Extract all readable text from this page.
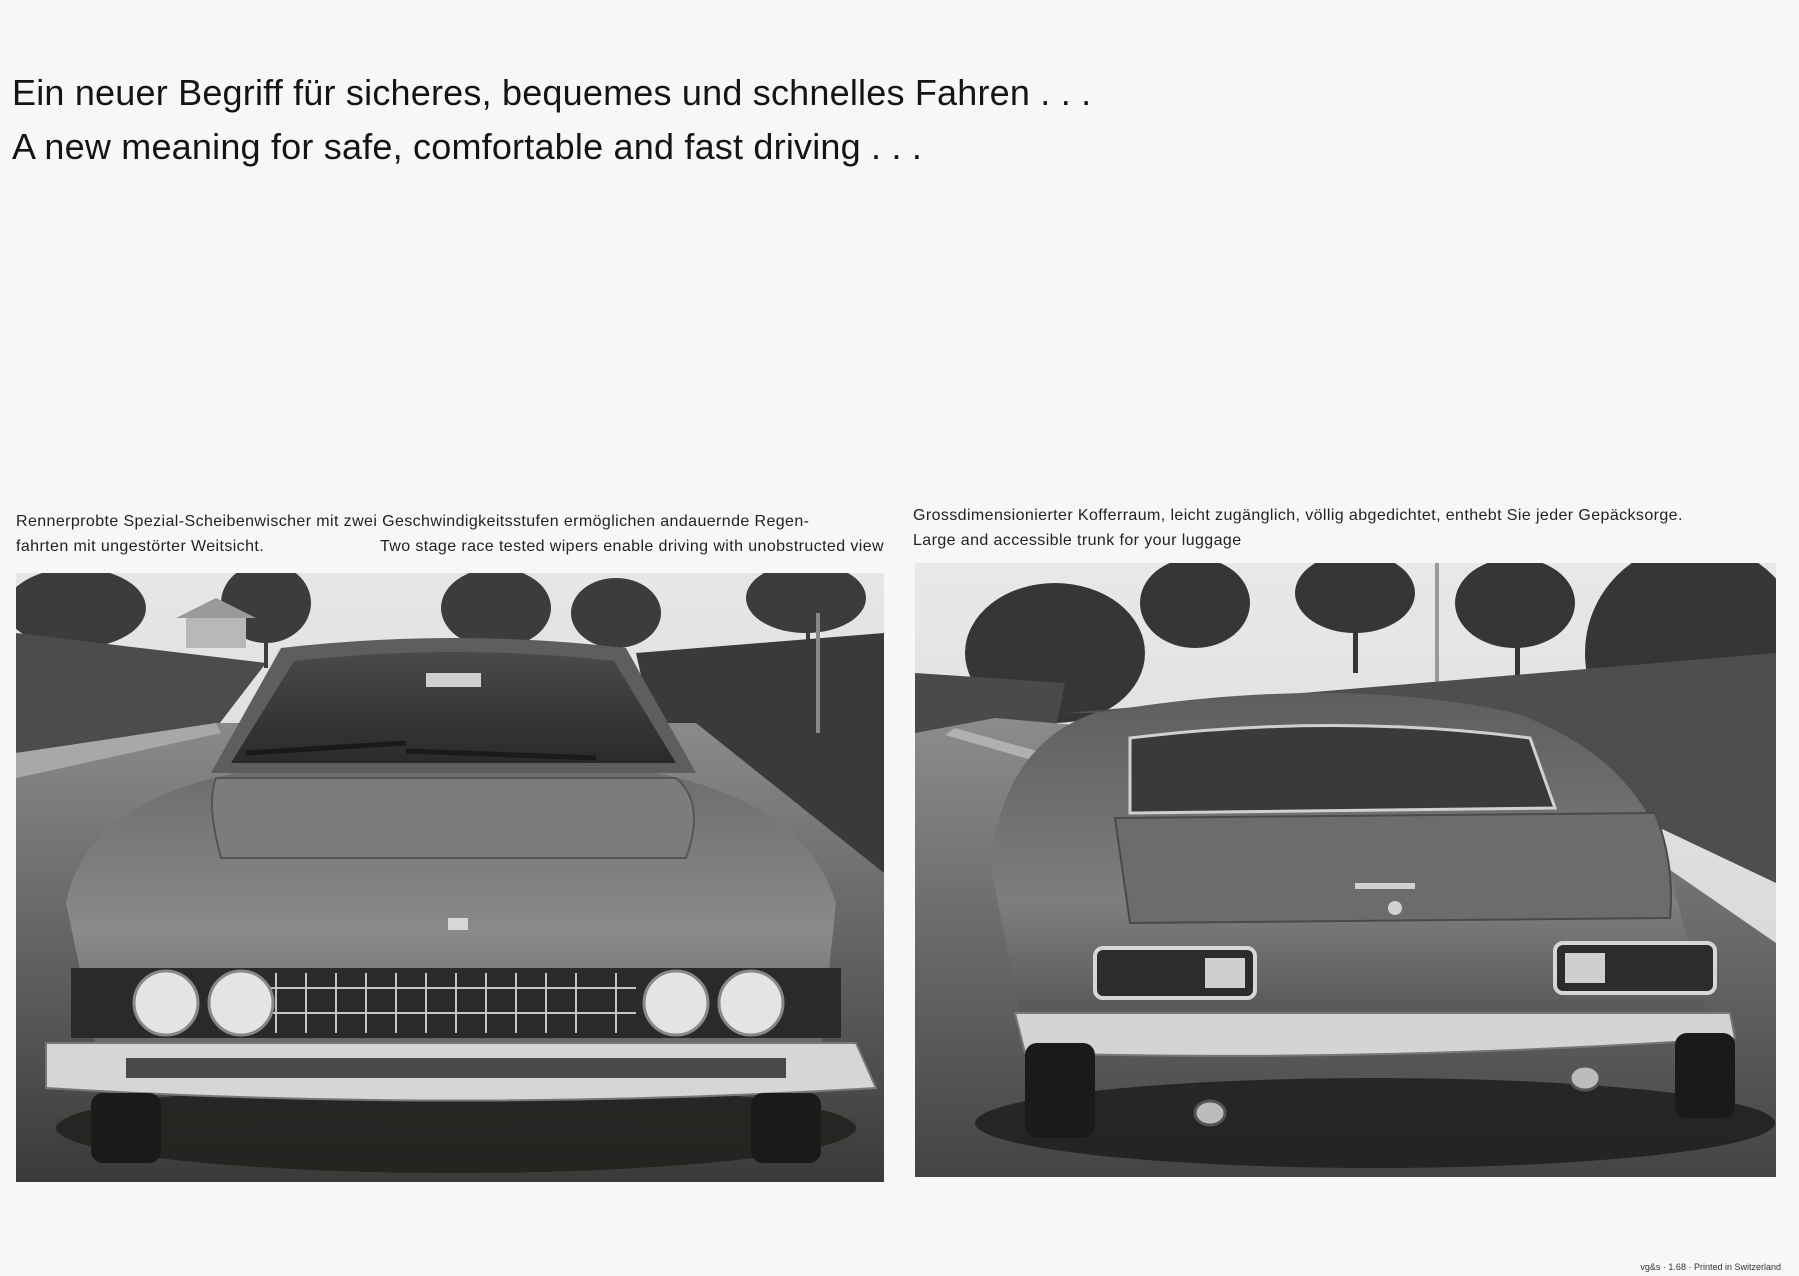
Ein neuer Begriff für sicheres, bequemes und schnelles Fahren . . .
A new meaning for safe, comfortable and fast driving . . .
Rennerprobte Spezial-Scheibenwischer mit zwei Geschwindigkeitsstufen ermöglichen andauernde Regen-
fahrten mit ungestörter Weitsicht.	Two stage race tested wipers enable driving with unobstructed view
Grossdimensionierter Kofferraum, leicht zugänglich, völlig abgedichtet, enthebt Sie jeder Gepäcksorge.
Large and accessible trunk for your luggage
vg&s · 1.68 · Printed in Switzerland
